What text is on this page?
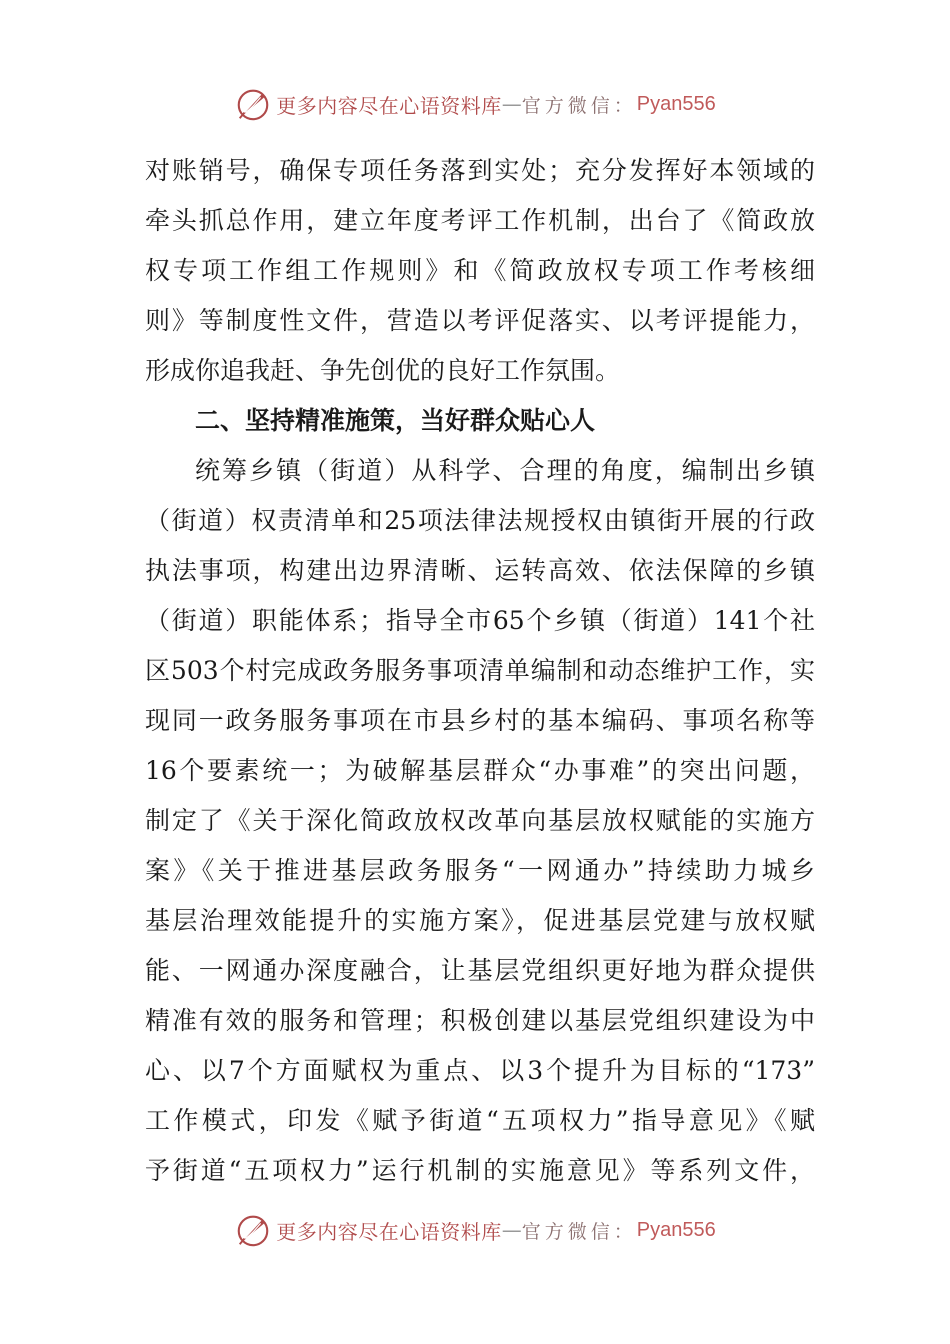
更多内容尽在心语资料库 — 官方微信： Pyan556
对账销号，确保专项任务落到实处；充分发挥好本领域的
牵头抓总作用，建立年度考评工作机制，出台了《简政放
权专项工作组工作规则》和《简政放权专项工作考核细
则》等制度性文件，营造以考评促落实、以考评提能力，
形成你追我赶、争先创优的良好工作氛围。
二、坚持精准施策，当好群众贴心人
统筹乡镇（街道）从科学、合理的角度，编制出乡镇
（街道）权责清单和25项法律法规授权由镇街开展的行政
执法事项，构建出边界清晰、运转高效、依法保障的乡镇
（街道）职能体系；指导全市65个乡镇（街道）141个社
区503个村完成政务服务事项清单编制和动态维护工作，实
现同一政务服务事项在市县乡村的基本编码、事项名称等
16个要素统一；为破解基层群众“办事难”的突出问题，
制定了《关于深化简政放权改革向基层放权赋能的实施方
案》《关于推进基层政务服务“一网通办”持续助力城乡
基层治理效能提升的实施方案》，促进基层党建与放权赋
能、一网通办深度融合，让基层党组织更好地为群众提供
精准有效的服务和管理；积极创建以基层党组织建设为中
心、以7个方面赋权为重点、以3个提升为目标的“173”
工作模式，印发《赋予街道“五项权力”指导意见》《赋
予街道“五项权力”运行机制的实施意见》等系列文件，
更多内容尽在心语资料库 — 官方微信： Pyan556
